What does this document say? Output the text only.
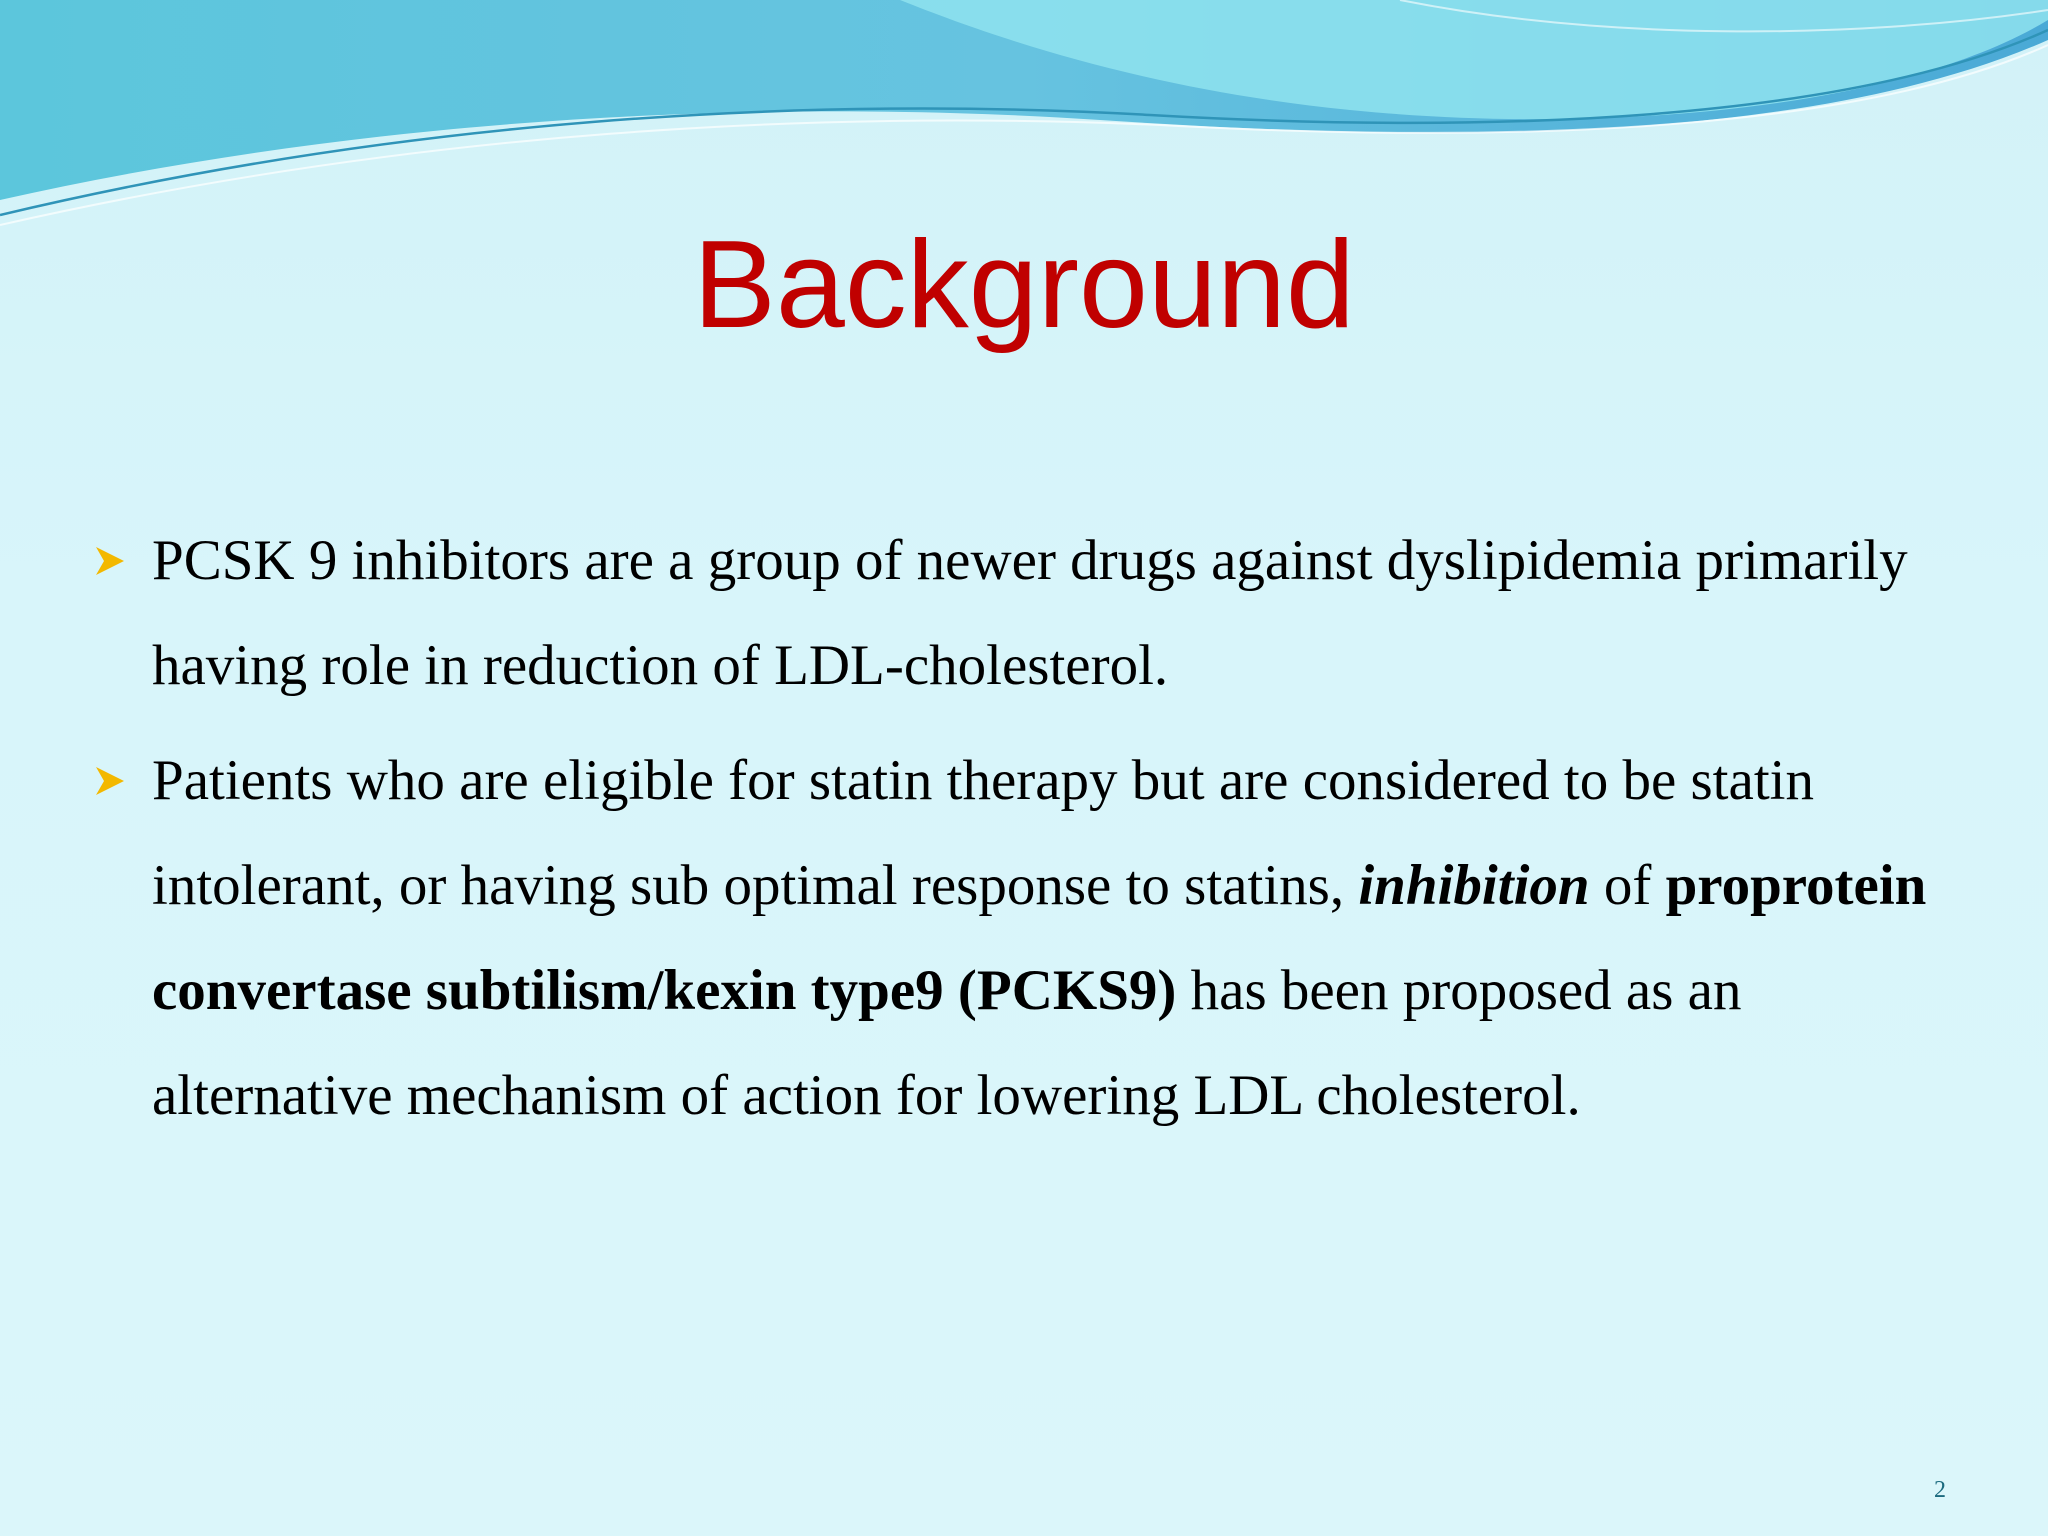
Background
PCSK 9 inhibitors are a group of newer drugs against dyslipidemia primarily having role in reduction of LDL-cholesterol.
Patients who are eligible for statin therapy but are considered to be statin intolerant, or having sub optimal response to statins, inhibition of proprotein convertase subtilism/kexin type9 (PCKS9) has been proposed as an alternative mechanism of action for lowering LDL cholesterol.
2
